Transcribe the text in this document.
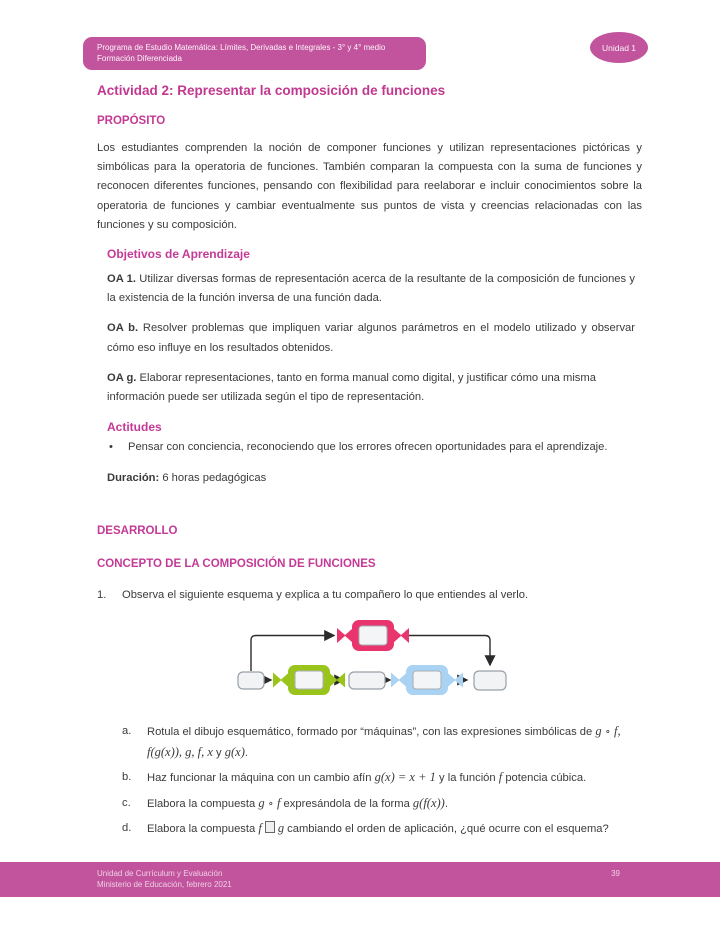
Programa de Estudio Matemática: Límites, Derivadas e Integrales - 3° y 4° medio
Formación Diferenciada
Unidad 1
Actividad 2: Representar la composición de funciones
PROPÓSITO

Los estudiantes comprenden la noción de componer funciones y utilizan representaciones pictóricas y simbólicas para la operatoria de funciones. También comparan la compuesta con la suma de funciones y reconocen diferentes funciones, pensando con flexibilidad para reelaborar e incluir conocimientos sobre la operatoria de funciones y cambiar eventualmente sus puntos de vista y creencias relacionadas con las funciones y su composición.

Objetivos de Aprendizaje

OA 1. Utilizar diversas formas de representación acerca de la resultante de la composición de funciones y la existencia de la función inversa de una función dada.

OA b. Resolver problemas que impliquen variar algunos parámetros en el modelo utilizado y observar cómo eso influye en los resultados obtenidos.

OA g. Elaborar representaciones, tanto en forma manual como digital, y justificar cómo una misma información puede ser utilizada según el tipo de representación.

Actitudes

• Pensar con conciencia, reconociendo que los errores ofrecen oportunidades para el aprendizaje.

Duración: 6 horas pedagógicas

DESARROLLO
CONCEPTO DE LA COMPOSICIÓN DE FUNCIONES
1. Observa el siguiente esquema y explica a tu compañero lo que entiendes al verlo.
a. Rotula el dibujo esquemático, formado por “máquinas”, con las expresiones simbólicas de g ∘ f, f(g(x)), g, f, x y g(x).
b. Haz funcionar la máquina con un cambio afín g(x) = x + 1 y la función f potencia cúbica.
c. Elabora la compuesta g ∘ f expresándola de la forma g(f(x)).
d. Elabora la compuesta f g cambiando el orden de aplicación, ¿qué ocurre con el esquema?
Unidad de Currículum y Evaluación
Ministerio de Educación, febrero 2021
39
